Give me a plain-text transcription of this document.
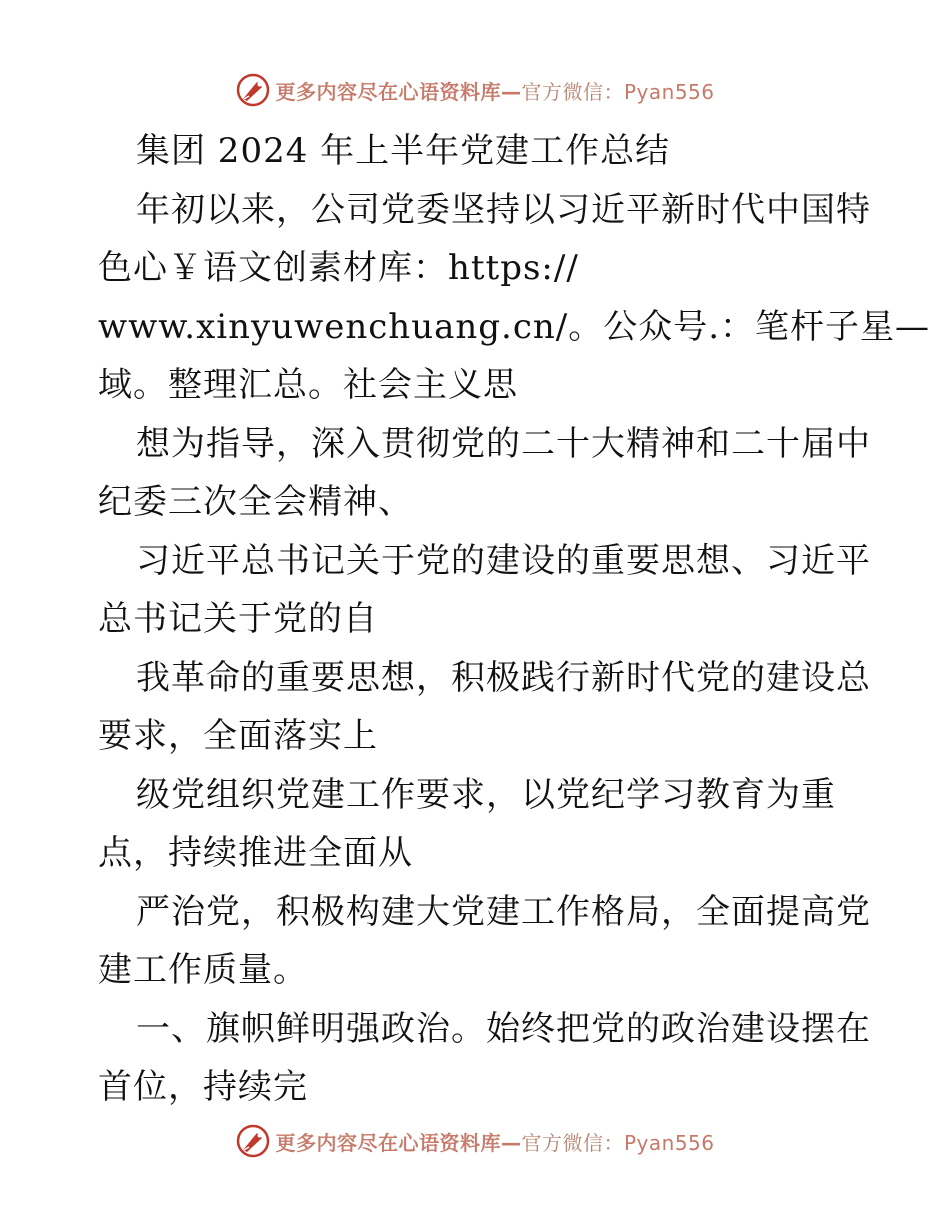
更多内容尽在心语资料库—官方微信：Pyan556
集团 2024 年上半年党建工作总结
年初以来，公司党委坚持以习近平新时代中国特
色心￥语文创素材库：https://
www.xinyuwenchuang.cn/。公众号.：笔杆子星—
域。整理汇总。社会主义思
想为指导，深入贯彻党的二十大精神和二十届中
纪委三次全会精神、
习近平总书记关于党的建设的重要思想、习近平
总书记关于党的自
我革命的重要思想，积极践行新时代党的建设总
要求，全面落实上
级党组织党建工作要求，以党纪学习教育为重
点，持续推进全面从
严治党，积极构建大党建工作格局，全面提高党
建工作质量。
一、旗帜鲜明强政治。始终把党的政治建设摆在
首位，持续完
更多内容尽在心语资料库—官方微信：Pyan556
